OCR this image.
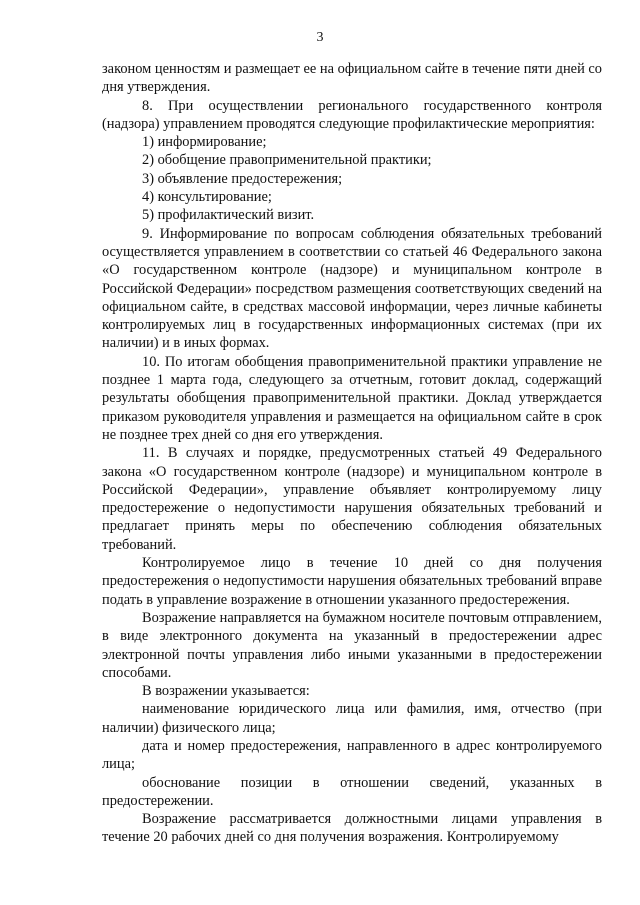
3

законом ценностям и размещает ее на официальном сайте в течение пяти дней со дня утверждения.

8. При осуществлении регионального государственного контроля (надзора) управлением проводятся следующие профилактические мероприятия:

1) информирование;

2) обобщение правоприменительной практики;

3) объявление предостережения;

4) консультирование;

5) профилактический визит.

9. Информирование по вопросам соблюдения обязательных требований осуществляется управлением в соответствии со статьей 46 Федерального закона «О государственном контроле (надзоре) и муниципальном контроле в Российской Федерации» посредством размещения соответствующих сведений на официальном сайте, в средствах массовой информации, через личные кабинеты контролируемых лиц в государственных информационных системах (при их наличии) и в иных формах.

10. По итогам обобщения правоприменительной практики управление не позднее 1 марта года, следующего за отчетным, готовит доклад, содержащий результаты обобщения правоприменительной практики. Доклад утверждается приказом руководителя управления и размещается на официальном сайте в срок не позднее трех дней со дня его утверждения.

11. В случаях и порядке, предусмотренных статьей 49 Федерального закона «О государственном контроле (надзоре) и муниципальном контроле в Российской Федерации», управление объявляет контролируемому лицу предостережение о недопустимости нарушения обязательных требований и предлагает принять меры по обеспечению соблюдения обязательных требований.

Контролируемое лицо в течение 10 дней со дня получения предостережения о недопустимости нарушения обязательных требований вправе подать в управление возражение в отношении указанного предостережения.

Возражение направляется на бумажном носителе почтовым отправлением, в виде электронного документа на указанный в предостережении адрес электронной почты управления либо иными указанными в предостережении способами.

В возражении указывается:

наименование юридического лица или фамилия, имя, отчество (при наличии) физического лица;

дата и номер предостережения, направленного в адрес контролируемого лица;

обоснование позиции в отношении сведений, указанных в предостережении.

Возражение рассматривается должностными лицами управления в течение 20 рабочих дней со дня получения возражения. Контролируемому
